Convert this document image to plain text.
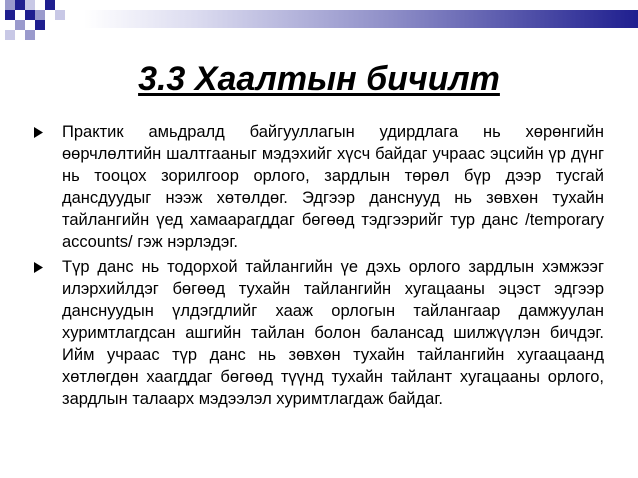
3.3 Хаалтын бичилт
Практик амьдралд байгууллагын удирдлага нь хөрөнгийн өөрчлөлтийн шалтгааныг мэдэхийг хүсч байдаг учраас эцсийн үр дүнг нь тооцох зорилгоор орлого, зардлын төрөл бүр дээр тусгай дансдуудыг нээж хөтөлдөг. Эдгээр данснууд нь зөвхөн тухайн тайлангийн үед хамаарагддаг бөгөөд тэдгээрийг тур данс /temporary accounts/ гэж нэрлэдэг.
Түр данс нь тодорхой тайлангийн үе дэхь орлого зардлын хэмжээг илэрхийлдэг бөгөөд тухайн тайлангийн хугацааны эцэст эдгээр данснуудын үлдэгдлийг хааж орлогын тайлангаар дамжуулан хуримтлагдсан ашгийн тайлан болон балансад шилжүүлэн бичдэг. Ийм учраас түр данс нь зөвхөн тухайн тайлангийн хугаацаанд хөтлөгдөн хаагддаг бөгөөд түүнд тухайн тайлант хугацааны орлого, зардлын талаарх мэдээлэл хуримтлагдаж байдаг.
